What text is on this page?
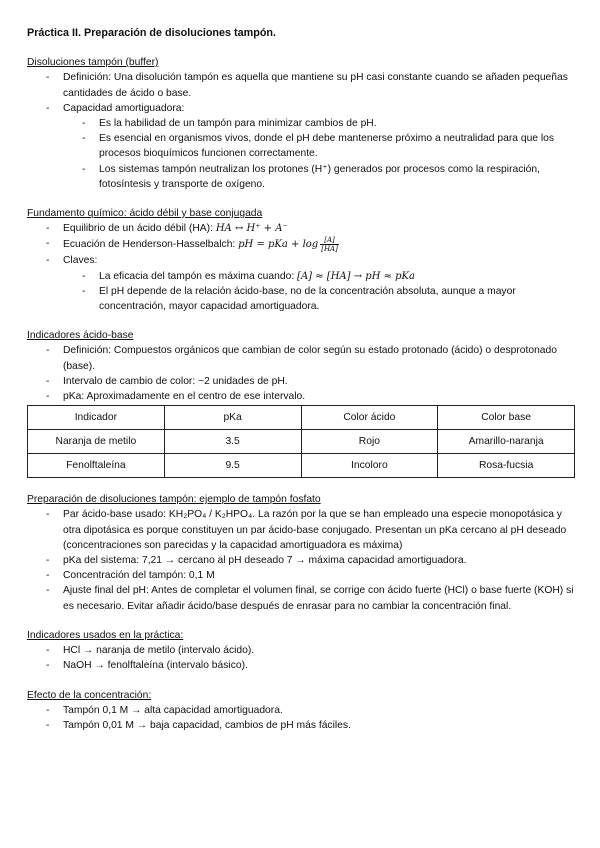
Práctica II. Preparación de disoluciones tampón.
Disoluciones tampón (buffer)
- Definición: Una disolución tampón es aquella que mantiene su pH casi constante cuando se añaden pequeñas cantidades de ácido o base.
- Capacidad amortiguadora:
- Es la habilidad de un tampón para minimizar cambios de pH.
- Es esencial en organismos vivos, donde el pH debe mantenerse próximo a neutralidad para que los procesos bioquímicos funcionen correctamente.
- Los sistemas tampón neutralizan los protones (H⁺) generados por procesos como la respiración, fotosíntesis y transporte de oxígeno.
Fundamento químico: ácido débil y base conjugada
- Equilibrio de un ácido débil (HA): HA ↔ H⁺ + A⁻
- Ecuación de Henderson-Hasselbalch: pH = pKa + $\log \frac{[A]}{[HA]}$
- Claves:
- La eficacia del tampón es máxima cuando: [A] ≈ [HA] → pH ≈ pKa
- El pH depende de la relación ácido-base, no de la concentración absoluta, aunque a mayor concentración, mayor capacidad amortiguadora.
Indicadores ácido-base
- Definición: Compuestos orgánicos que cambian de color según su estado protonado (ácido) o desprotonado (base).
- Intervalo de cambio de color: ~2 unidades de pH.
- pKa: Aproximadamente en el centro de ese intervalo.
Indicador	pKa	Color ácido	Color base
Naranja de metilo	3.5	Rojo	Amarillo-naranja
Fenolftaleína	9.5	Incoloro	Rosa-fucsia
Preparación de disoluciones tampón: ejemplo de tampón fosfato
- Par ácido-base usado: KH₂PO₄ / K₂HPO₄. La razón por la que se han empleado una especie monopotásica y otra dipotásica es porque constituyen un par ácido-base conjugado. Presentan un pKa cercano al pH deseado (concentraciones son parecidas y la capacidad amortiguadora es máxima)
- pKa del sistema: 7,21 → cercano al pH deseado 7 → máxima capacidad amortiguadora.
- Concentración del tampón: 0,1 M
- Ajuste final del pH: Antes de completar el volumen final, se corrige con ácido fuerte (HCl) o base fuerte (KOH) si es necesario. Evitar añadir ácido/base después de enrasar para no cambiar la concentración final.
Indicadores usados en la práctica:
- HCl → naranja de metilo (intervalo ácido).
- NaOH → fenolftaleína (intervalo básico).
Efecto de la concentración:
- Tampón 0,1 M → alta capacidad amortiguadora.
- Tampón 0,01 M → baja capacidad, cambios de pH más fáciles.
